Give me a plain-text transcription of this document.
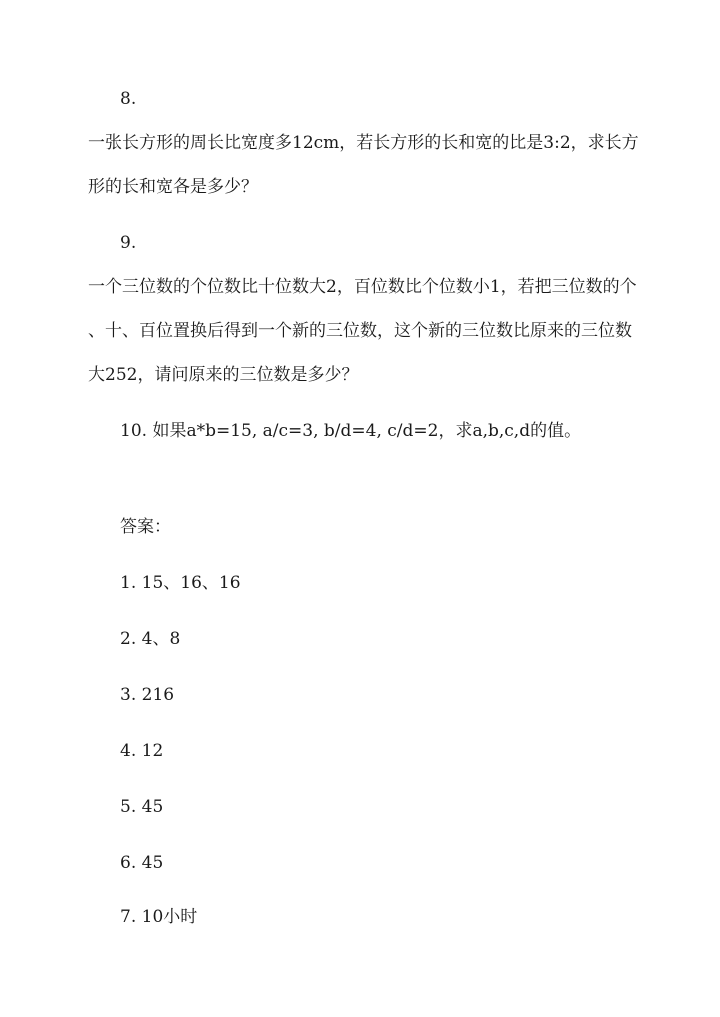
8.
一张长方形的周长比宽度多12cm，若长方形的长和宽的比是3:2，求长方
形的长和宽各是多少？
9.
一个三位数的个位数比十位数大2，百位数比个位数小1，若把三位数的个
、十、百位置换后得到一个新的三位数，这个新的三位数比原来的三位数
大252，请问原来的三位数是多少？
10. 如果a*b=15, a/c=3, b/d=4, c/d=2，求a,b,c,d的值。
答案：
1. 15、16、16
2. 4、8
3. 216
4. 12
5. 45
6. 45
7. 10小时
